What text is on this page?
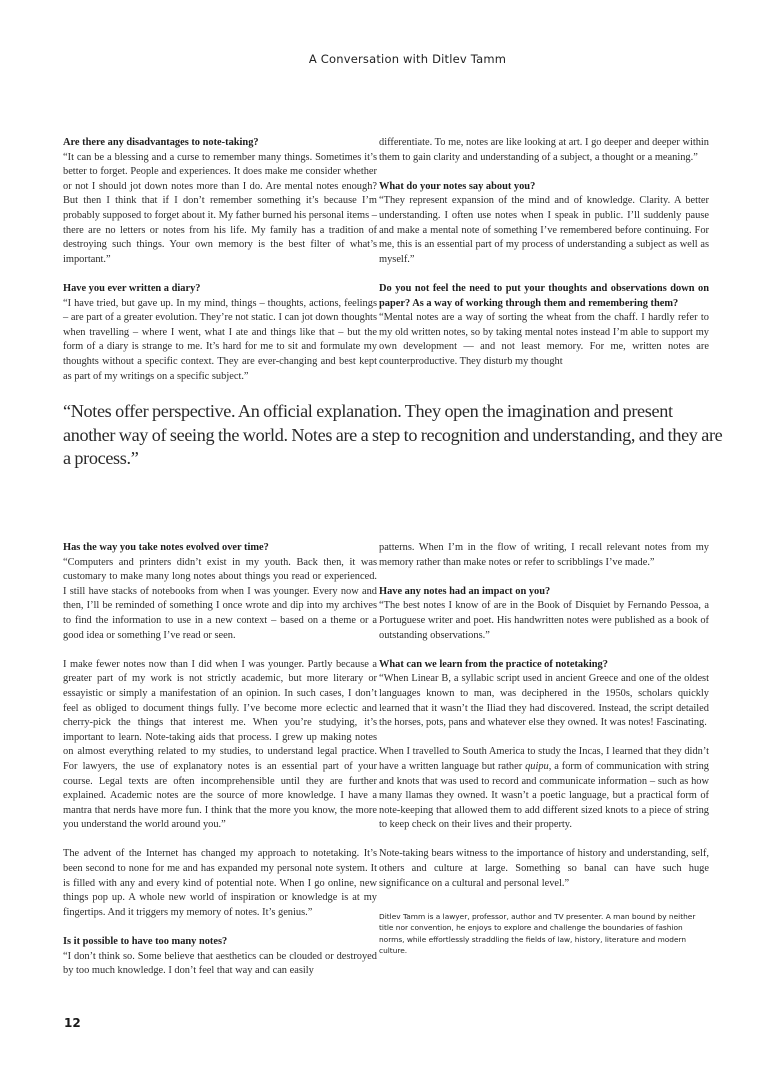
A Conversation with Ditlev Tamm

Are there any disadvantages to note-taking?

“It can be a blessing and a curse to remember many things. Sometimes it’s better to forget. People and experiences. It does make me consider whether or not I should jot down notes more than I do. Are mental notes enough? But then I think that if I don’t remember something it’s because I’m probably supposed to forget about it. My father burned his personal items – there are no letters or notes from his life. My family has a tradition of destroying such things. Your own memory is the best filter of what’s important.”

Have you ever written a diary?

“I have tried, but gave up. In my mind, things – thoughts, actions, feelings – are part of a greater evolution. They’re not static. I can jot down thoughts when travelling – where I went, what I ate and things like that – but the form of a diary is strange to me. It’s hard for me to sit and formulate my thoughts without a specific context. They are ever-changing and best kept as part of my writings on a specific subject.”

differentiate. To me, notes are like looking at art. I go deeper and deeper within them to gain clarity and understanding of a subject, a thought or a meaning.”

What do your notes say about you?

“They represent expansion of the mind and of knowledge. Clarity. A better understanding. I often use notes when I speak in public. I’ll suddenly pause and make a mental note of something I’ve remembered before continuing. For me, this is an essential part of my process of understanding a subject as well as myself.”

Do you not feel the need to put your thoughts and observations down on paper? As a way of working through them and remembering them?

“Mental notes are a way of sorting the wheat from the chaff. I hardly refer to my old written notes, so by taking mental notes instead I’m able to support my own development — and not least memory. For me, written notes are counterproductive. They disturb my thought

“Notes offer perspective. An official explanation. They open the imagination and present another way of seeing the world. Notes are a step to recognition and understanding, and they are a process.”

Has the way you take notes evolved over time?

“Computers and printers didn’t exist in my youth. Back then, it was customary to make many long notes about things you read or experienced. I still have stacks of notebooks from when I was younger. Every now and then, I’ll be reminded of something I once wrote and dip into my archives to find the information to use in a new context – based on a theme or a good idea or something I’ve read or seen.

I make fewer notes now than I did when I was younger. Partly because a greater part of my work is not strictly academic, but more literary or essayistic or simply a manifestation of an opinion. In such cases, I don’t feel as obliged to document things fully. I’ve become more eclectic and cherry-pick the things that interest me. When you’re studying, it’s important to learn. Note-taking aids that process. I grew up making notes on almost everything related to my studies, to understand legal practice. For lawyers, the use of explanatory notes is an essential part of your course. Legal texts are often incomprehensible until they are further explained. Academic notes are the source of more knowledge. I have a mantra that nerds have more fun. I think that the more you know, the more you understand the world around you.”

The advent of the Internet has changed my approach to notetaking. It’s been second to none for me and has expanded my personal note system. It is filled with any and every kind of potential note. When I go online, new things pop up. A whole new world of inspiration or knowledge is at my fingertips. And it triggers my memory of notes. It’s genius.”

Is it possible to have too many notes?

“I don’t think so. Some believe that aesthetics can be clouded or destroyed by too much knowledge. I don’t feel that way and can easily

patterns. When I’m in the flow of writing, I recall relevant notes from my memory rather than make notes or refer to scribblings I’ve made.”

Have any notes had an impact on you?

“The best notes I know of are in the Book of Disquiet by Fernando Pessoa, a Portuguese writer and poet. His handwritten notes were published as a book of outstanding observations.”

What can we learn from the practice of notetaking?

“When Linear B, a syllabic script used in ancient Greece and one of the oldest languages known to man, was deciphered in the 1950s, scholars quickly learned that it wasn’t the Iliad they had discovered. Instead, the script detailed the horses, pots, pans and whatever else they owned. It was notes! Fascinating.

When I travelled to South America to study the Incas, I learned that they didn’t have a written language but rather quipu, a form of communication with string and knots that was used to record and communicate information – such as how many llamas they owned. It wasn’t a poetic language, but a practical form of note-keeping that allowed them to add different sized knots to a piece of string to keep check on their lives and their property.

Note-taking bears witness to the importance of history and understanding, self, others and culture at large. Something so banal can have such huge significance on a cultural and personal level.”

Ditlev Tamm is a lawyer, professor, author and TV presenter. A man bound by neither title nor convention, he enjoys to explore and challenge the boundaries of fashion norms, while effortlessly straddling the fields of law, history, literature and modern culture.
12
